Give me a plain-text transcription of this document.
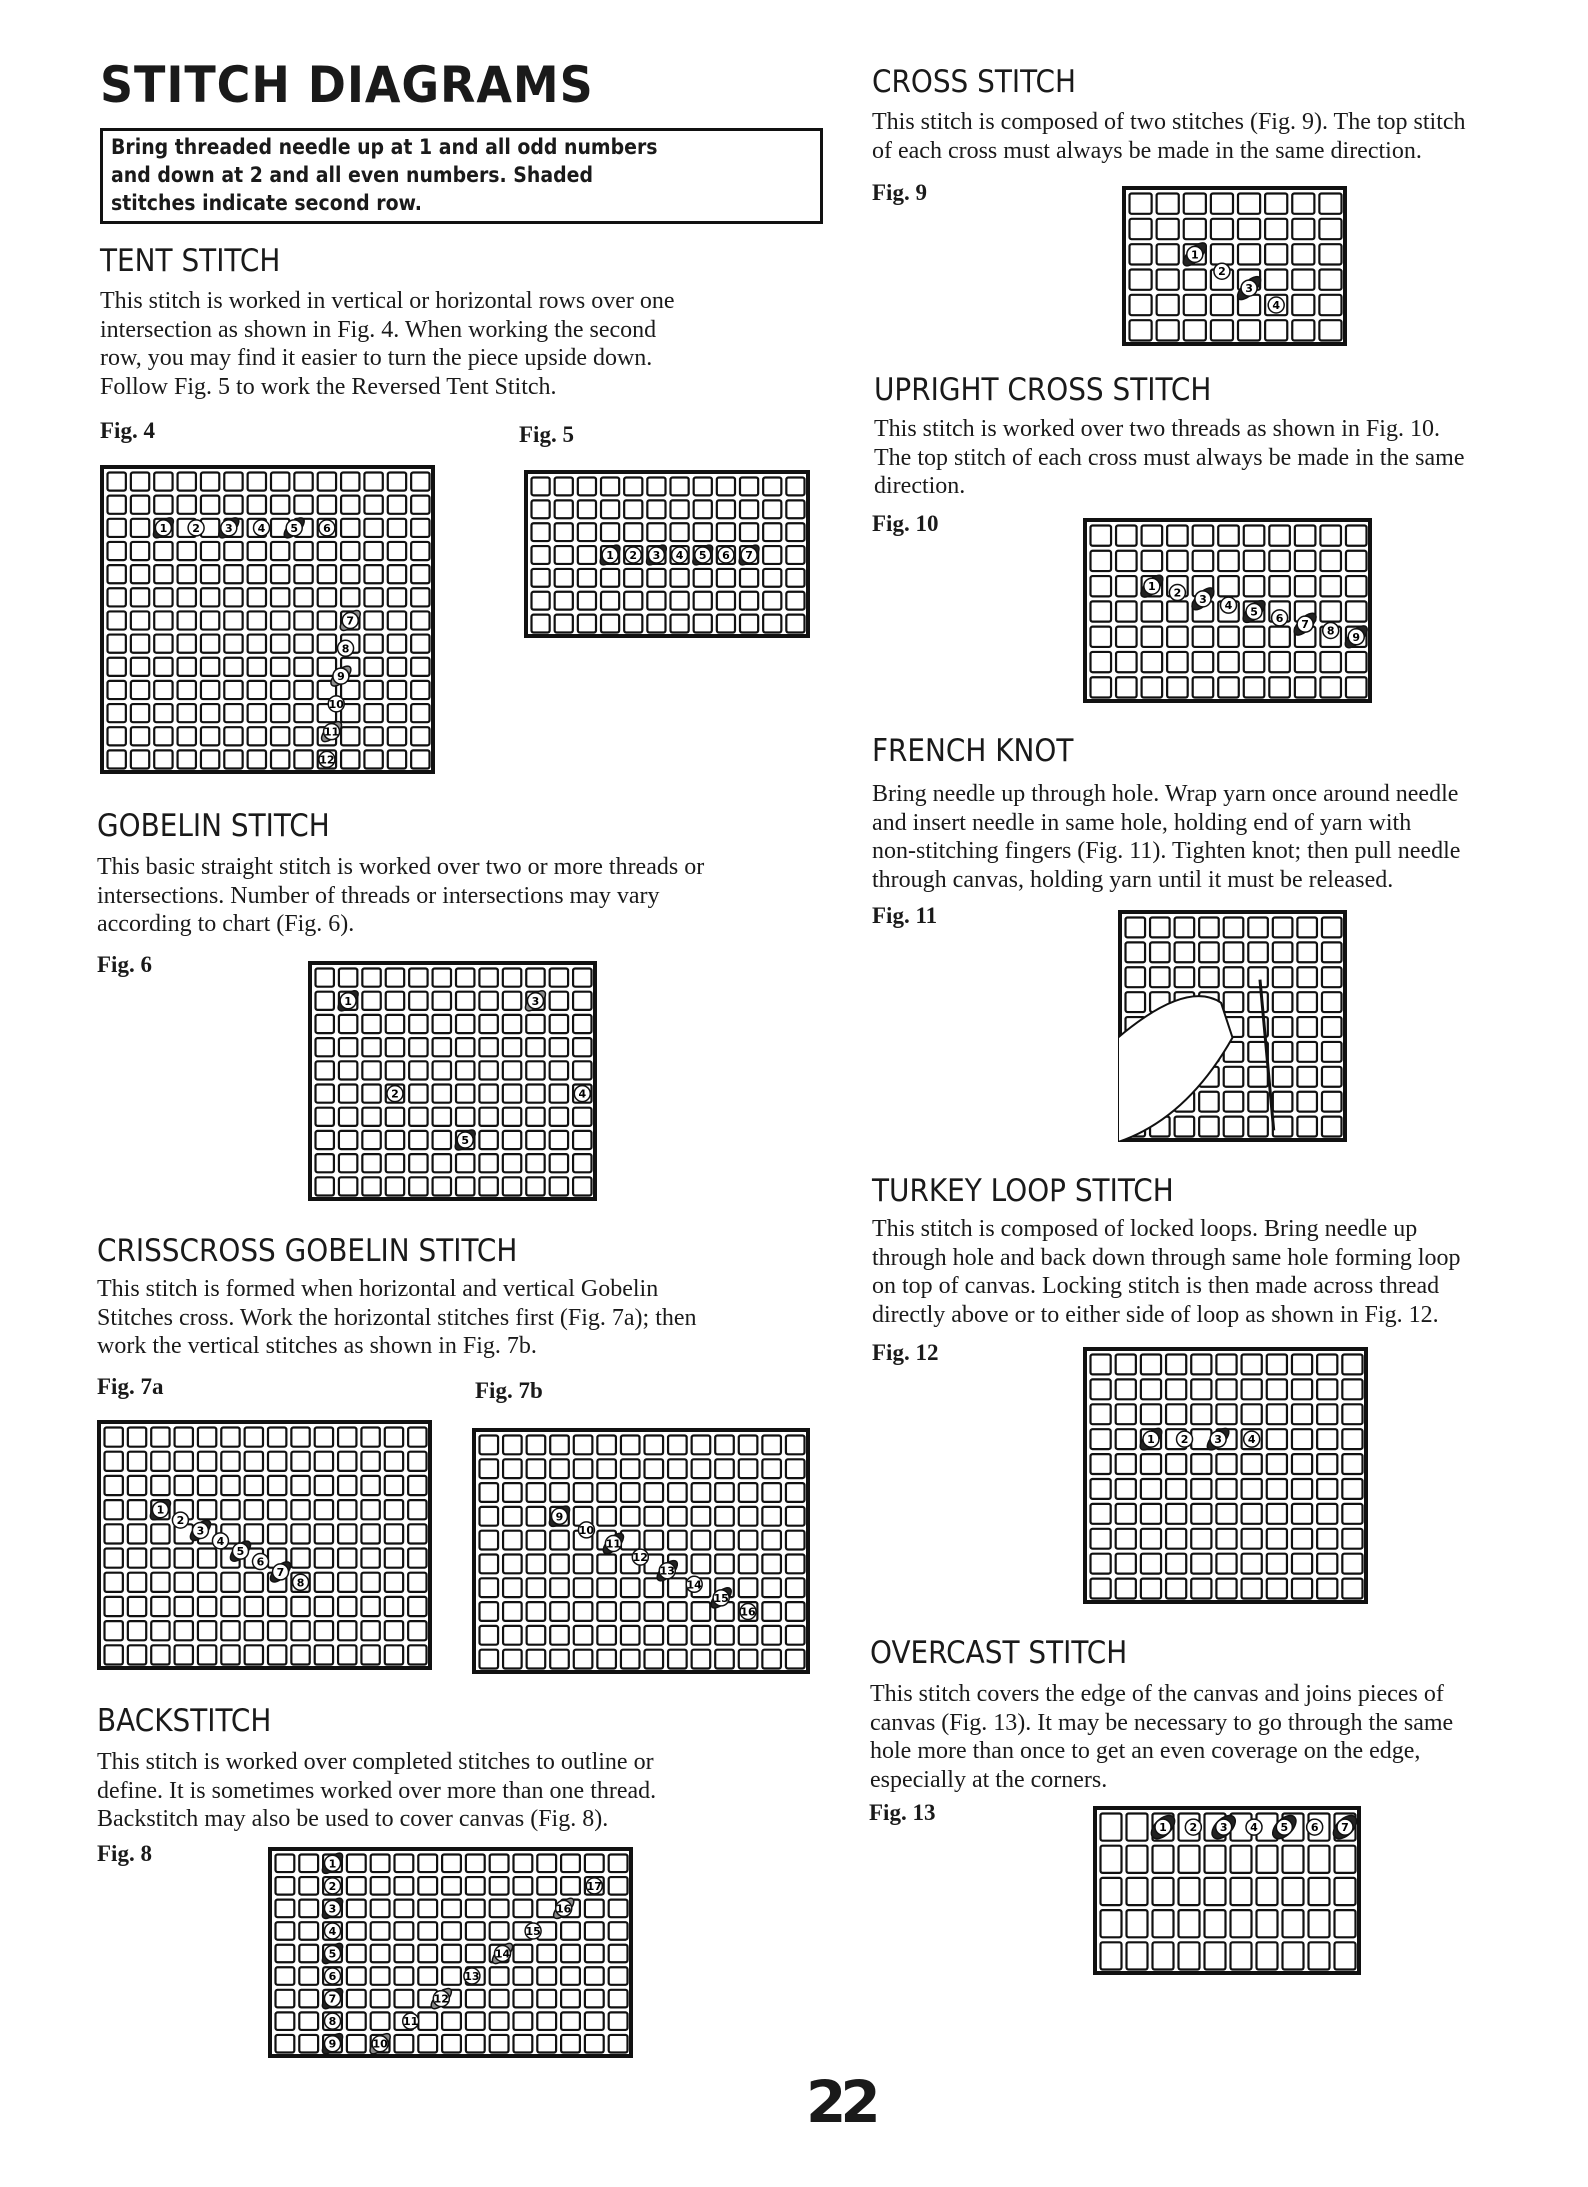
STITCH DIAGRAMS
Bring threaded needle up at 1 and all odd numbers
and down at 2 and all even numbers. Shaded
stitches indicate second row.
TENT STITCH
This stitch is worked in vertical or horizontal rows over one
intersection as shown in Fig. 4. When working the second
row, you may find it easier to turn the piece upside down.
Follow Fig. 5 to work the Reversed Tent Stitch.
GOBELIN STITCH
This basic straight stitch is worked over two or more threads or
intersections. Number of threads or intersections may vary
according to chart (Fig. 6).
CRISSCROSS GOBELIN STITCH
This stitch is formed when horizontal and vertical Gobelin
Stitches cross. Work the horizontal stitches first (Fig. 7a); then
work the vertical stitches as shown in Fig. 7b.
BACKSTITCH
This stitch is worked over completed stitches to outline or
define. It is sometimes worked over more than one thread.
Backstitch may also be used to cover canvas (Fig. 8).
CROSS STITCH
This stitch is composed of two stitches (Fig. 9). The top stitch
of each cross must always be made in the same direction.
UPRIGHT CROSS STITCH
This stitch is worked over two threads as shown in Fig. 10.
The top stitch of each cross must always be made in the same
direction.
FRENCH KNOT
Bring needle up through hole. Wrap yarn once around needle
and insert needle in same hole, holding end of yarn with
non-stitching fingers (Fig. 11). Tighten knot; then pull needle
through canvas, holding yarn until it must be released.
TURKEY LOOP STITCH
This stitch is composed of locked loops. Bring needle up
through hole and back down through same hole forming loop
on top of canvas. Locking stitch is then made across thread
directly above or to either side of loop as shown in Fig. 12.
OVERCAST STITCH
This stitch covers the edge of the canvas and joins pieces of
canvas (Fig. 13). It may be necessary to go through the same
hole more than once to get an even coverage on the edge,
especially at the corners.
Fig. 4	Fig. 5
Fig. 6
Fig. 7a	Fig. 7b
Fig. 8
Fig. 9
Fig. 10
Fig. 11
Fig. 12
Fig. 13
1 2 3 4 5 6
7
8
9
10
11
12
1 2 3 4 5 6 7
1
2
3
4
5
1
2
3
4
5
6
7
8
9
10
11
12
13
14
15
16
1
2
3
4
5
6
7
8
9	10
11
12
13
14
15
16
17
1
2
3
4
1 2 3 4 5 6 7 8 9
1 2 3 4
1 2 3 4 5 6 7
22
